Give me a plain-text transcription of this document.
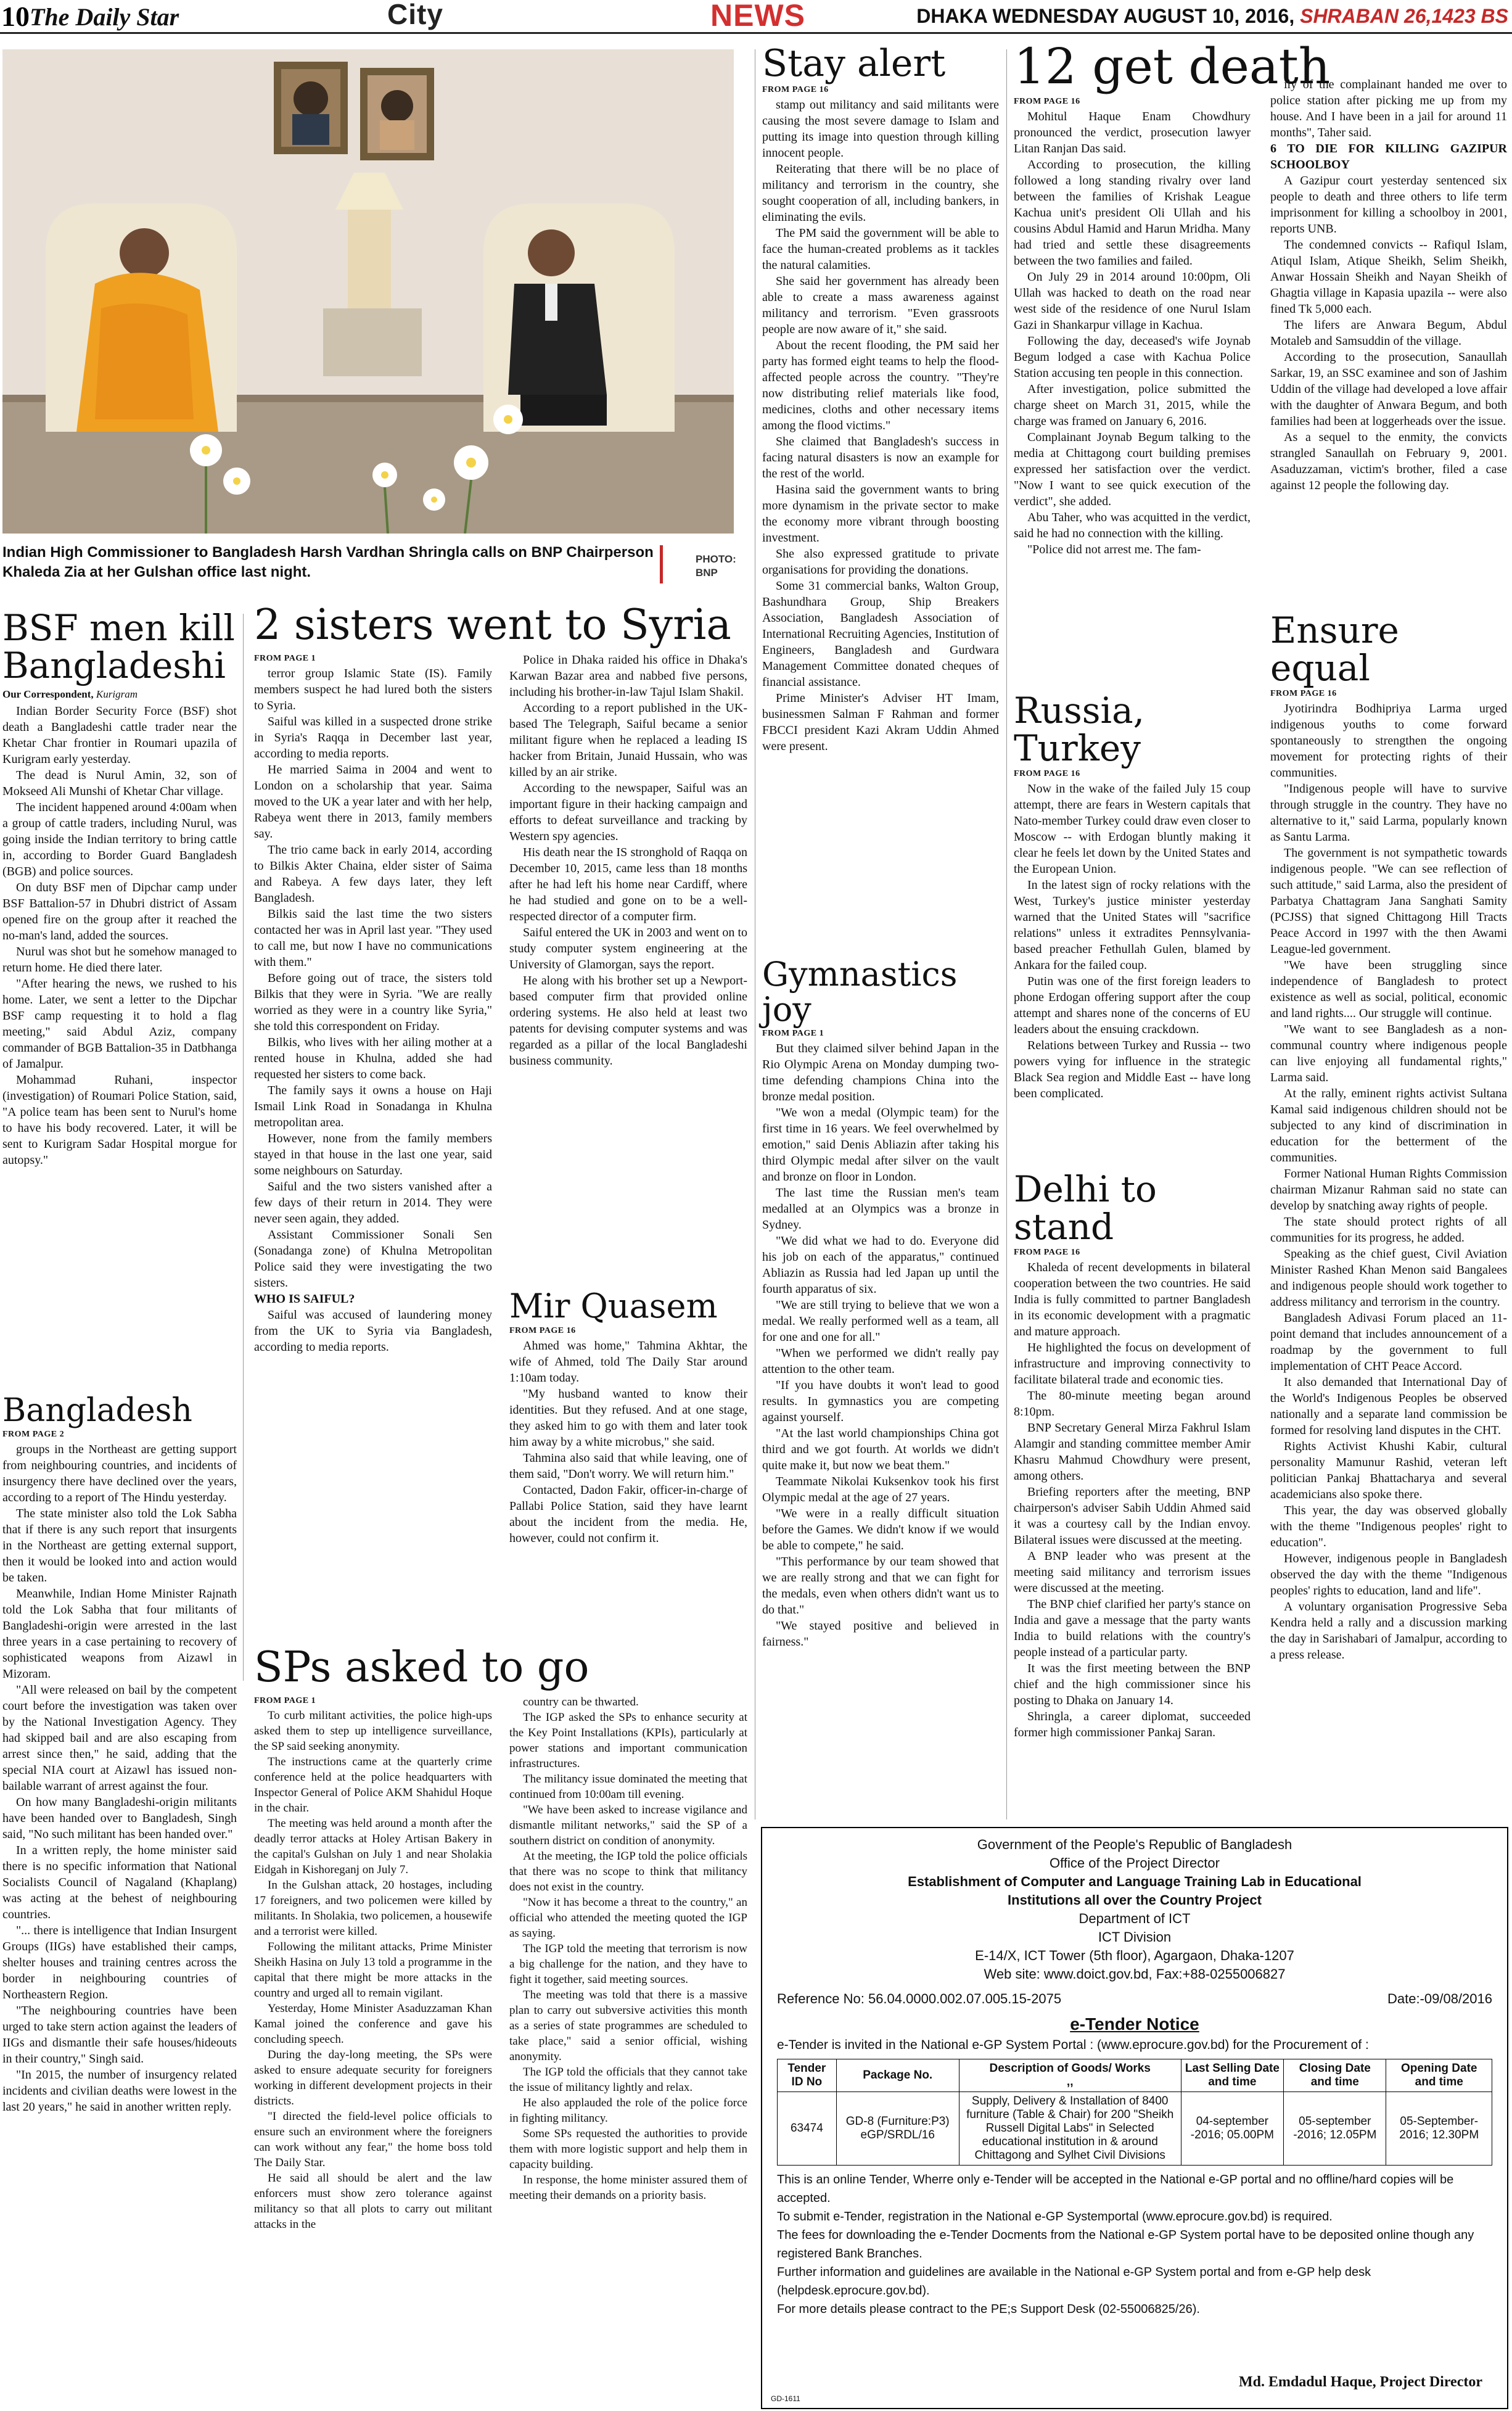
10 The Daily Star	City	NEWS	DHAKA WEDNESDAY AUGUST 10, 2016, SHRABAN 26,1423 BS
Indian High Commissioner to Bangladesh Harsh Vardhan Shringla calls on BNP Chairperson Khaleda Zia at her Gulshan office last night.
PHOTO: BNP
BSF men kill Bangladeshi
Our Correspondent, Kurigram

Indian Border Security Force (BSF) shot death a Bangladeshi cattle trader near the Khetar Char frontier in Roumari upazila of Kurigram early yesterday.

The dead is Nurul Amin, 32, son of Mokseed Ali Munshi of Khetar Char village.

The incident happened around 4:00am when a group of cattle traders, including Nurul, was going inside the Indian territory to bring cattle in, according to Border Guard Bangladesh (BGB) and police sources.

On duty BSF men of Dipchar camp under BSF Battalion-57 in Dhubri district of Assam opened fire on the group after it reached the no-man's land, added the sources.

Nurul was shot but he somehow managed to return home. He died there later.

"After hearing the news, we rushed to his home. Later, we sent a letter to the Dipchar BSF camp requesting it to hold a flag meeting," said Abdul Aziz, company commander of BGB Battalion-35 in Datbhanga of Jamalpur.

Mohammad Ruhani, inspector (investigation) of Roumari Police Station, said, "A police team has been sent to Nurul's home to have his body recovered. Later, it will be sent to Kurigram Sadar Hospital morgue for autopsy."

Bangladesh
FROM PAGE 2

groups in the Northeast are getting support from neighbouring countries, and incidents of insurgency there have declined over the years, according to a report of The Hindu yesterday.

The state minister also told the Lok Sabha that if there is any such report that insurgents in the Northeast are getting external support, then it would be looked into and action would be taken.

Meanwhile, Indian Home Minister Rajnath told the Lok Sabha that four militants of Bangladeshi-origin were arrested in the last three years in a case pertaining to recovery of sophisticated weapons from Aizawl in Mizoram.

"All were released on bail by the competent court before the investigation was taken over by the National Investigation Agency. They had skipped bail and are also escaping from arrest since then," he said, adding that the special NIA court at Aizawl has issued non-bailable warrant of arrest against the four.

On how many Bangladeshi-origin militants have been handed over to Bangladesh, Singh said, "No such militant has been handed over."

In a written reply, the home minister said there is no specific information that National Socialists Council of Nagaland (Khaplang) was acting at the behest of neighbouring countries.

"... there is intelligence that Indian Insurgent Groups (IIGs) have established their camps, shelter houses and training centres across the border in neighbouring countries of Northeastern Region.

"The neighbouring countries have been urged to take stern action against the leaders of IIGs and dismantle their safe houses/hideouts in their country," Singh said.

"In 2015, the number of insurgency related incidents and civilian deaths were lowest in the last 20 years," he said in another written reply.

2 sisters went to Syria
FROM PAGE 1

terror group Islamic State (IS). Family members suspect he had lured both the sisters to Syria.

Saiful was killed in a suspected drone strike in Syria's Raqqa in December last year, according to media reports.

He married Saima in 2004 and went to London on a scholarship that year. Saima moved to the UK a year later and with her help, Rabeya went there in 2013, family members say.

The trio came back in early 2014, according to Bilkis Akter Chaina, elder sister of Saima and Rabeya. A few days later, they left Bangladesh.

Bilkis said the last time the two sisters contacted her was in April last year. "They used to call me, but now I have no communications with them."

Before going out of trace, the sisters told Bilkis that they were in Syria. "We are really worried as they were in a country like Syria," she told this correspondent on Friday.

Bilkis, who lives with her ailing mother at a rented house in Khulna, added she had requested her sisters to come back.

The family says it owns a house on Haji Ismail Link Road in Sonadanga in Khulna metropolitan area.

However, none from the family members stayed in that house in the last one year, said some neighbours on Saturday.

Saiful and the two sisters vanished after a few days of their return in 2014. They were never seen again, they added.

Assistant Commissioner Sonali Sen (Sonadanga zone) of Khulna Metropolitan Police said they were investigating the two sisters.

WHO IS SAIFUL?

Saiful was accused of laundering money from the UK to Syria via Bangladesh, according to media reports.

Police in Dhaka raided his office in Dhaka's Karwan Bazar area and nabbed five persons, including his brother-in-law Tajul Islam Shakil.

According to a report published in the UK-based The Telegraph, Saiful became a senior militant figure when he replaced a leading IS hacker from Britain, Junaid Hussain, who was killed by an air strike.

According to the newspaper, Saiful was an important figure in their hacking campaign and efforts to defeat surveillance and tracking by Western spy agencies.

His death near the IS stronghold of Raqqa on December 10, 2015, came less than 18 months after he had left his home near Cardiff, where he had studied and gone on to be a well-respected director of a computer firm.

Saiful entered the UK in 2003 and went on to study computer system engineering at the University of Glamorgan, says the report.

He along with his brother set up a Newport-based computer firm that provided online ordering systems. He also held at least two patents for devising computer systems and was regarded as a pillar of the local Bangladeshi business community.

Mir Quasem
FROM PAGE 16

Ahmed was home," Tahmina Akhtar, the wife of Ahmed, told The Daily Star around 1:10am today.

"My husband wanted to know their identities. But they refused. And at one stage, they asked him to go with them and later took him away by a white microbus," she said.

Tahmina also said that while leaving, one of them said, "Don't worry. We will return him."

Contacted, Dadon Fakir, officer-in-charge of Pallabi Police Station, said they have learnt about the incident from the media. He, however, could not confirm it.

SPs asked to go
FROM PAGE 1

To curb militant activities, the police high-ups asked them to step up intelligence surveillance, the SP said seeking anonymity.

The instructions came at the quarterly crime conference held at the police headquarters with Inspector General of Police AKM Shahidul Hoque in the chair.

The meeting was held around a month after the deadly terror attacks at Holey Artisan Bakery in the capital's Gulshan on July 1 and near Sholakia Eidgah in Kishoreganj on July 7.

In the Gulshan attack, 20 hostages, including 17 foreigners, and two policemen were killed by militants. In Sholakia, two policemen, a housewife and a terrorist were killed.

Following the militant attacks, Prime Minister Sheikh Hasina on July 13 told a programme in the capital that there might be more attacks in the country and urged all to remain vigilant.

Yesterday, Home Minister Asaduzzaman Khan Kamal joined the conference and gave his concluding speech.

During the day-long meeting, the SPs were asked to ensure adequate security for foreigners working in different development projects in their districts.

"I directed the field-level police officials to ensure such an environment where the foreigners can work without any fear," the home boss told The Daily Star.

He said all should be alert and the law enforcers must show zero tolerance against militancy so that all plots to carry out militant attacks in the

country can be thwarted.

The IGP asked the SPs to enhance security at the Key Point Installations (KPIs), particularly at power stations and important communication infrastructures.

The militancy issue dominated the meeting that continued from 10:00am till evening.

"We have been asked to increase vigilance and dismantle militant networks," said the SP of a southern district on condition of anonymity.

At the meeting, the IGP told the police officials that there was no scope to think that militancy does not exist in the country.

"Now it has become a threat to the country," an official who attended the meeting quoted the IGP as saying.

The IGP told the meeting that terrorism is now a big challenge for the nation, and they have to fight it together, said meeting sources.

The meeting was told that there is a massive plan to carry out subversive activities this month as a series of state programmes are scheduled to take place," said a senior official, wishing anonymity.

The IGP told the officials that they cannot take the issue of militancy lightly and relax.

He also applauded the role of the police force in fighting militancy.

Some SPs requested the authorities to provide them with more logistic support and help them in capacity building.

In response, the home minister assured them of meeting their demands on a priority basis.

Stay alert
FROM PAGE 16

stamp out militancy and said militants were causing the most severe damage to Islam and putting its image into question through killing innocent people.

Reiterating that there will be no place of militancy and terrorism in the country, she sought cooperation of all, including bankers, in eliminating the evils.

The PM said the government will be able to face the human-created problems as it tackles the natural calamities.

She said her government has already been able to create a mass awareness against militancy and terrorism. "Even grassroots people are now aware of it," she said.

About the recent flooding, the PM said her party has formed eight teams to help the flood-affected people across the country. "They're now distributing relief materials like food, medicines, cloths and other necessary items among the flood victims."

She claimed that Bangladesh's success in facing natural disasters is now an example for the rest of the world.

Hasina said the government wants to bring more dynamism in the private sector to make the economy more vibrant through boosting investment.

She also expressed gratitude to private organisations for providing the donations.

Some 31 commercial banks, Walton Group, Bashundhara Group, Ship Breakers Association, Bangladesh Association of International Recruiting Agencies, Institution of Engineers, Bangladesh and Gurdwara Management Committee donated cheques of financial assistance.

Prime Minister's Adviser HT Imam, businessmen Salman F Rahman and former FBCCI president Kazi Akram Uddin Ahmed were present.

Gymnastics joy
FROM PAGE 1

But they claimed silver behind Japan in the Rio Olympic Arena on Monday dumping two-time defending champions China into the bronze medal position.

"We won a medal (Olympic team) for the first time in 16 years. We feel overwhelmed by emotion," said Denis Abliazin after taking his third Olympic medal after silver on the vault and bronze on floor in London.

The last time the Russian men's team medalled at an Olympics was a bronze in Sydney.

"We did what we had to do. Everyone did his job on each of the apparatus," continued Abliazin as Russia had led Japan up until the fourth apparatus of six.

"We are still trying to believe that we won a medal. We really performed well as a team, all for one and one for all."

"When we performed we didn't really pay attention to the other team.

"If you have doubts it won't lead to good results. In gymnastics you are competing against yourself.

"At the last world championships China got third and we got fourth. At worlds we didn't quite make it, but now we beat them."

Teammate Nikolai Kuksenkov took his first Olympic medal at the age of 27 years.

"We were in a really difficult situation before the Games. We didn't know if we would be able to compete," he said.

"This performance by our team showed that we are really strong and that we can fight for the medals, even when others didn't want us to do that."

"We stayed positive and believed in fairness."

12 get death
FROM PAGE 16

Mohitul Haque Enam Chowdhury pronounced the verdict, prosecution lawyer Litan Ranjan Das said.

According to prosecution, the killing followed a long standing rivalry over land between the families of Krishak League Kachua unit's president Oli Ullah and his cousins Abdul Hamid and Harun Mridha. Many had tried and settle these disagreements between the two families and failed.

On July 29 in 2014 around 10:00pm, Oli Ullah was hacked to death on the road near west side of the residence of one Nurul Islam Gazi in Shankarpur village in Kachua.

Following the day, deceased's wife Joynab Begum lodged a case with Kachua Police Station accusing ten people in this connection.

After investigation, police submitted the charge sheet on March 31, 2015, while the charge was framed on January 6, 2016.

Complainant Joynab Begum talking to the media at Chittagong court building premises expressed her satisfaction over the verdict. "Now I want to see quick execution of the verdict", she added.

Abu Taher, who was acquitted in the verdict, said he had no connection with the killing.

"Police did not arrest me. The fam-

ily of the complainant handed me over to police station after picking me up from my house. And I have been in a jail for around 11 months", Taher said.

6 TO DIE FOR KILLING GAZIPUR SCHOOLBOY

A Gazipur court yesterday sentenced six people to death and three others to life term imprisonment for killing a schoolboy in 2001, reports UNB.

The condemned convicts -- Rafiqul Islam, Atiqul Islam, Atique Sheikh, Selim Sheikh, Anwar Hossain Sheikh and Nayan Sheikh of Ghagtia village in Kapasia upazila -- were also fined Tk 5,000 each.

The lifers are Anwara Begum, Abdul Motaleb and Samsuddin of the village.

According to the prosecution, Sanaullah Sarkar, 19, an SSC examinee and son of Jashim Uddin of the village had developed a love affair with the daughter of Anwara Begum, and both families had been at loggerheads over the issue.

As a sequel to the enmity, the convicts strangled Sanaullah on February 9, 2001. Asaduzzaman, victim's brother, filed a case against 12 people the following day.

Russia, Turkey
FROM PAGE 16

Now in the wake of the failed July 15 coup attempt, there are fears in Western capitals that Nato-member Turkey could draw even closer to Moscow -- with Erdogan bluntly making it clear he feels let down by the United States and the European Union.

In the latest sign of rocky relations with the West, Turkey's justice minister yesterday warned that the United States will "sacrifice relations" unless it extradites Pennsylvania-based preacher Fethullah Gulen, blamed by Ankara for the failed coup.

Putin was one of the first foreign leaders to phone Erdogan offering support after the coup attempt and shares none of the concerns of EU leaders about the ensuing crackdown.

Relations between Turkey and Russia -- two powers vying for influence in the strategic Black Sea region and Middle East -- have long been complicated.

Delhi to stand
FROM PAGE 16

Khaleda of recent developments in bilateral cooperation between the two countries. He said India is fully committed to partner Bangladesh in its economic development with a pragmatic and mature approach.

He highlighted the focus on development of infrastructure and improving connectivity to facilitate bilateral trade and economic ties.

The 80-minute meeting began around 8:10pm.

BNP Secretary General Mirza Fakhrul Islam Alamgir and standing committee member Amir Khasru Mahmud Chowdhury were present, among others.

Briefing reporters after the meeting, BNP chairperson's adviser Sabih Uddin Ahmed said it was a courtesy call by the Indian envoy. Bilateral issues were discussed at the meeting.

A BNP leader who was present at the meeting said militancy and terrorism issues were discussed at the meeting.

The BNP chief clarified her party's stance on India and gave a message that the party wants India to build relations with the country's people instead of a particular party.

It was the first meeting between the BNP chief and the high commissioner since his posting to Dhaka on January 14.

Shringla, a career diplomat, succeeded former high commissioner Pankaj Saran.

Ensure equal
FROM PAGE 16

Jyotirindra Bodhipriya Larma urged indigenous youths to come forward spontaneously to strengthen the ongoing movement for protecting rights of their communities.

"Indigenous people will have to survive through struggle in the country. They have no alternative to it," said Larma, popularly known as Santu Larma.

The government is not sympathetic towards indigenous people. "We can see reflection of such attitude," said Larma, also the president of Parbatya Chattagram Jana Sanghati Samity (PCJSS) that signed Chittagong Hill Tracts Peace Accord in 1997 with the then Awami League-led government.

"We have been struggling since independence of Bangladesh to protect existence as well as social, political, economic and land rights.... Our struggle will continue.

"We want to see Bangladesh as a non-communal country where indigenous people can live enjoying all fundamental rights," Larma said.

At the rally, eminent rights activist Sultana Kamal said indigenous children should not be subjected to any kind of discrimination in education for the betterment of the communities.

Former National Human Rights Commission chairman Mizanur Rahman said no state can develop by snatching away rights of people.

The state should protect rights of all communities for its progress, he added.

Speaking as the chief guest, Civil Aviation Minister Rashed Khan Menon said Bangalees and indigenous people should work together to address militancy and terrorism in the country.

Bangladesh Adivasi Forum placed an 11-point demand that includes announcement of a roadmap by the government to full implementation of CHT Peace Accord.

It also demanded that International Day of the World's Indigenous Peoples be observed nationally and a separate land commission be formed for resolving land disputes in the CHT.

Rights Activist Khushi Kabir, cultural personality Mamunur Rashid, veteran left politician Pankaj Bhattacharya and several academicians also spoke there.

This year, the day was observed globally with the theme "Indigenous peoples' right to education".

However, indigenous people in Bangladesh observed the day with the theme "Indigenous peoples' rights to education, land and life".

A voluntary organisation Progressive Seba Kendra held a rally and a discussion marking the day in Sarishabari of Jamalpur, according to a press release.

Government of the People's Republic of Bangladesh
Office of the Project Director
Establishment of Computer and Language Training Lab in Educational
Institutions all over the Country Project
Department of ICT
ICT Division
E-14/X, ICT Tower (5th floor), Agargaon, Dhaka-1207
Web site: www.doict.gov.bd, Fax:+88-0255006827
Reference No: 56.04.0000.002.07.005.15-2075	Date:-09/08/2016
e-Tender Notice
e-Tender is invited in the National e-GP System Portal : (www.eprocure.gov.bd) for the Procurement of :
Tender ID No	Package No.	Description of Goods/ Works
,,	Last Selling Date and time	Closing Date and time	Opening Date and time
63474	GD-8 (Furniture:P3) eGP/SRDL/16	Supply, Delivery & Installation of 8400 furniture (Table & Chair) for 200 "Sheikh Russell Digital Labs" in Selected educational institution in & around Chittagong and Sylhet Civil Divisions	04-september -2016; 05.00PM	05-september -2016; 12.05PM	05-September-2016; 12.30PM
This is an online Tender, Wherre only e-Tender will be accepted in the National e-GP portal and no offline/hard copies will be accepted.
To submit e-Tender, registration in the National e-GP Systemportal (www.eprocure.gov.bd) is required.
The fees for downloading the e-Tender Docments from the National e-GP System portal have to be deposited online though any registered Bank Branches.
Further information and guidelines are available in the National e-GP System portal and from e-GP help desk (helpdesk.eprocure.gov.bd).
For more details please contract to the PE;s Support Desk (02-55006825/26).
Md. Emdadul Haque, Project Director
GD-1611
